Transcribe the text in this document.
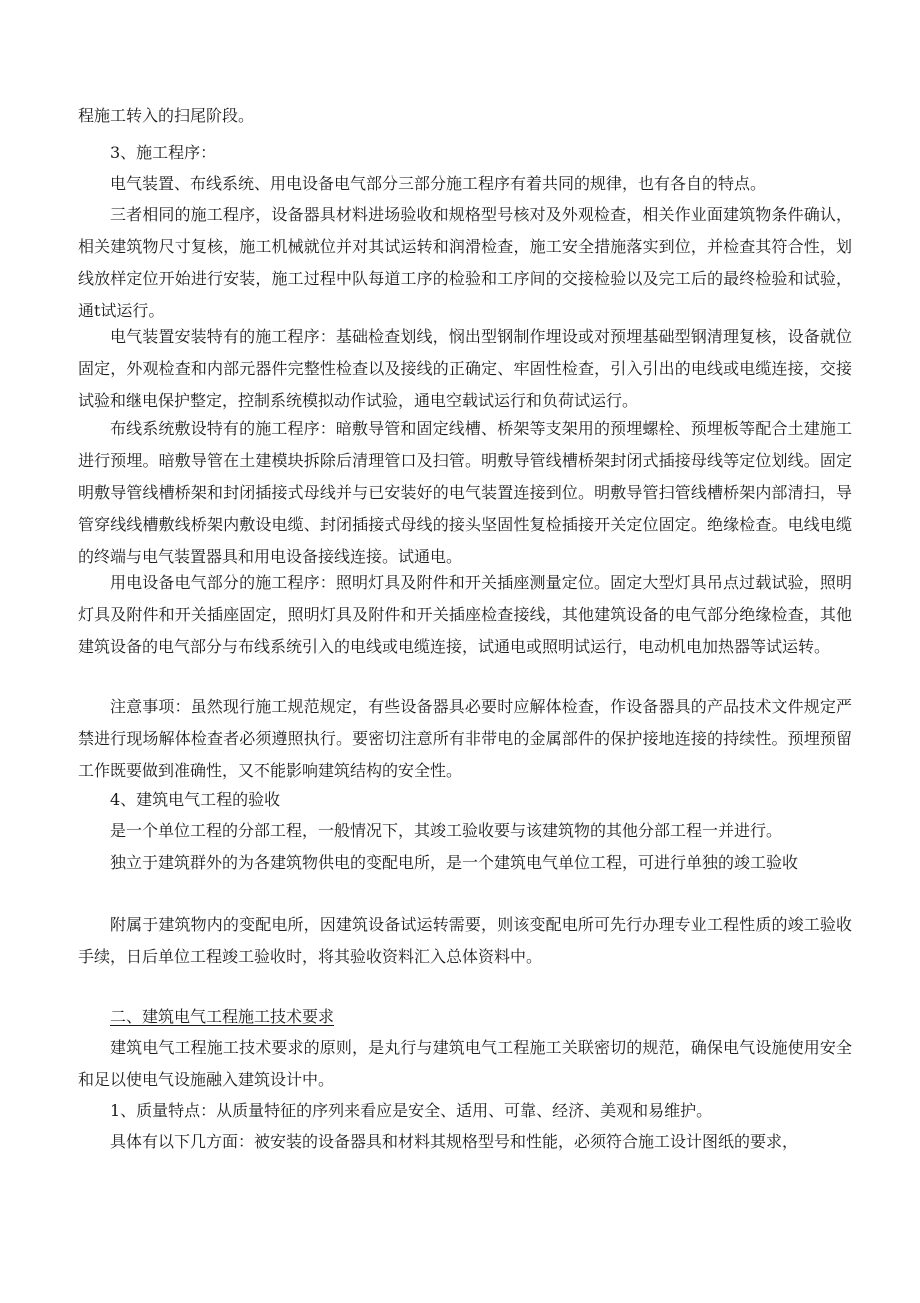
程施工转入的扫尾阶段。

3、施工程序：

电气装置、布线系统、用电设备电气部分三部分施工程序有着共同的规律，也有各自的特点。

三者相同的施工程序，设备器具材料进场验收和规格型号核对及外观检查，相关作业面建筑物条件确认，相关建筑物尺寸复核，施工机械就位并对其试运转和润滑检查，施工安全措施落实到位，并检查其符合性，划线放样定位开始进行安装，施工过程中队每道工序的检验和工序间的交接检验以及完工后的最终检验和试验，通t试运行。

电气装置安装特有的施工程序：基础检查划线，悯出型钢制作埋设或对预埋基础型钢清理复核，设备就位固定，外观检查和内部元器件完整性检查以及接线的正确定、牢固性检查，引入引出的电线或电缆连接，交接试验和继电保护整定，控制系统模拟动作试验，通电空载试运行和负荷试运行。

布线系统敷设特有的施工程序：暗敷导管和固定线槽、桥架等支架用的预埋螺栓、预埋板等配合土建施工进行预埋。暗敷导管在土建模块拆除后清理管口及扫管。明敷导管线槽桥架封闭式插接母线等定位划线。固定明敷导管线槽桥架和封闭插接式母线并与已安装好的电气装置连接到位。明敷导管扫管线槽桥架内部清扫，导管穿线线槽敷线桥架内敷设电缆、封闭插接式母线的接头坚固性复检插接开关定位固定。绝缘检查。电线电缆的终端与电气装置器具和用电设备接线连接。试通电。

用电设备电气部分的施工程序：照明灯具及附件和开关插座测量定位。固定大型灯具吊点过载试验，照明灯具及附件和开关插座固定，照明灯具及附件和开关插座检查接线，其他建筑设备的电气部分绝缘检查，其他建筑设备的电气部分与布线系统引入的电线或电缆连接，试通电或照明试运行，电动机电加热器等试运转。

注意事项：虽然现行施工规范规定，有些设备器具必要时应解体检查，作设备器具的产品技术文件规定严禁进行现场解体检查者必须遵照执行。要密切注意所有非带电的金属部件的保护接地连接的持续性。预埋预留工作既要做到准确性，又不能影响建筑结构的安全性。

4、建筑电气工程的验收

是一个单位工程的分部工程，一般情况下，其竣工验收要与该建筑物的其他分部工程一并进行。

独立于建筑群外的为各建筑物供电的变配电所，是一个建筑电气单位工程，可进行单独的竣工验收

附属于建筑物内的变配电所，因建筑设备试运转需要，则该变配电所可先行办理专业工程性质的竣工验收手续，日后单位工程竣工验收时，将其验收资料汇入总体资料中。

二、建筑电气工程施工技术要求

建筑电气工程施工技术要求的原则，是丸行与建筑电气工程施工关联密切的规范，确保电气设施使用安全和足以使电气设施融入建筑设计中。

1、质量特点：从质量特征的序列来看应是安全、适用、可靠、经济、美观和易维护。

具体有以下几方面：被安装的设备器具和材料其规格型号和性能，必须符合施工设计图纸的要求，
